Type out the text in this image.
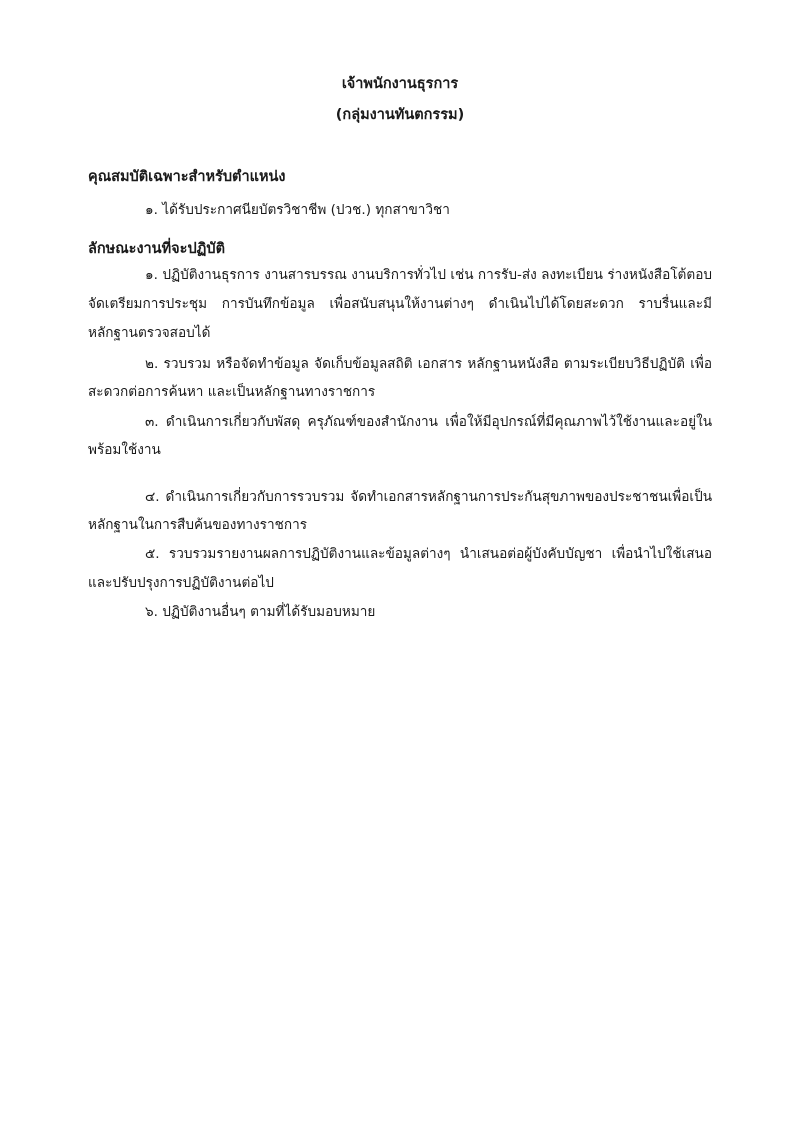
เจ้าพนักงานธุรการ
(กลุ่มงานทันตกรรม)
คุณสมบัติเฉพาะสำหรับตำแหน่ง
๑. ได้รับประกาศนียบัตรวิชาชีพ (ปวช.) ทุกสาขาวิชา
ลักษณะงานที่จะปฏิบัติ
๑. ปฏิบัติงานธุรการ งานสารบรรณ งานบริการทั่วไป เช่น การรับ-ส่ง ลงทะเบียน ร่างหนังสือโต้ตอบ
จัดเตรียมการประชุม การบันทึกข้อมูล เพื่อสนับสนุนให้งานต่างๆ ดำเนินไปได้โดยสะดวก ราบรื่นและมี
หลักฐานตรวจสอบได้
๒. รวบรวม หรือจัดทำข้อมูล จัดเก็บข้อมูลสถิติ เอกสาร หลักฐานหนังสือ ตามระเบียบวิธีปฏิบัติ เพื่อ
สะดวกต่อการค้นหา และเป็นหลักฐานทางราชการ
๓. ดำเนินการเกี่ยวกับพัสดุ ครุภัณฑ์ของสำนักงาน เพื่อให้มีอุปกรณ์ที่มีคุณภาพไว้ใช้งานและอยู่ใน
พร้อมใช้งาน
๔. ดำเนินการเกี่ยวกับการรวบรวม จัดทำเอกสารหลักฐานการประกันสุขภาพของประชาชนเพื่อเป็น
หลักฐานในการสืบค้นของทางราชการ
๕. รวบรวมรายงานผลการปฏิบัติงานและข้อมูลต่างๆ นำเสนอต่อผู้บังคับบัญชา เพื่อนำไปใช้เสนอ
และปรับปรุงการปฏิบัติงานต่อไป
๖. ปฏิบัติงานอื่นๆ ตามที่ได้รับมอบหมาย
